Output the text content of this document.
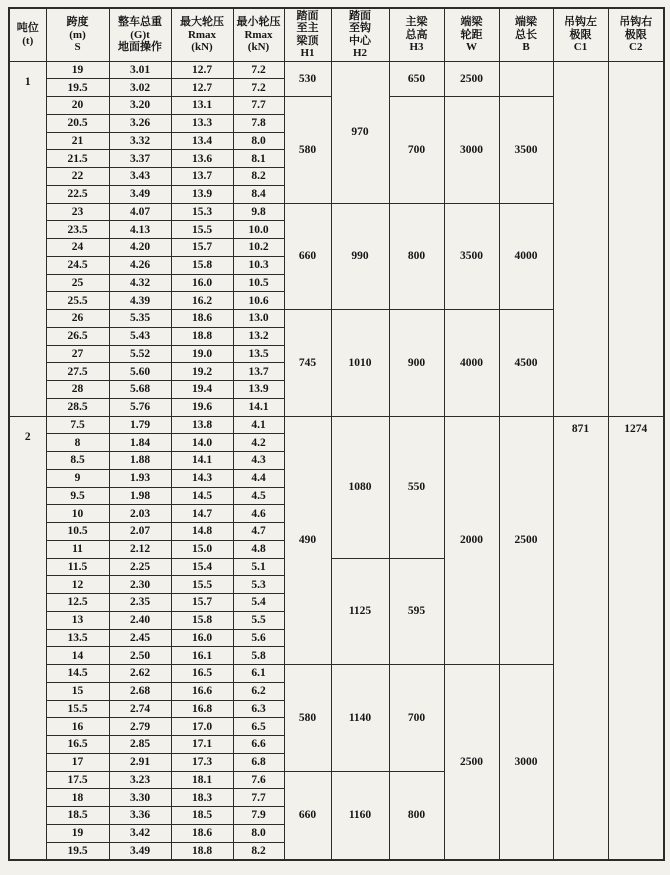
吨位
(t)

跨度
(m)
S

整车总重
(G)t
地面操作

最大轮压
Rmax
(kN)

最小轮压
Rmax
(kN)

踏面
至主
梁顶
H1

踏面
至钩
中心
H2

主梁
总高
H3

端梁
轮距
W

端梁
总长
B

吊钩左
极限
C1

吊钩右
极限
C2

1	19	3.01	12.7	7.2	530	970	650	2500			
	19.5	3.02	12.7	7.2							
	20	3.20	13.1	7.7	580		700	3000	3500		
	20.5	3.26	13.3	7.8							
	21	3.32	13.4	8.0							
	21.5	3.37	13.6	8.1							
	22	3.43	13.7	8.2							
	22.5	3.49	13.9	8.4							
	23	4.07	15.3	9.8	660	990	800	3500	4000		
	23.5	4.13	15.5	10.0							
	24	4.20	15.7	10.2							
	24.5	4.26	15.8	10.3							
	25	4.32	16.0	10.5							
	25.5	4.39	16.2	10.6							
	26	5.35	18.6	13.0	745	1010	900	4000	4500		
	26.5	5.43	18.8	13.2							
	27	5.52	19.0	13.5							
	27.5	5.60	19.2	13.7							
	28	5.68	19.4	13.9							
	28.5	5.76	19.6	14.1							
2	7.5	1.79	13.8	4.1	490	1080	550	2000	2500	871	1274
	8	1.84	14.0	4.2							
	8.5	1.88	14.1	4.3							
	9	1.93	14.3	4.4							
	9.5	1.98	14.5	4.5							
	10	2.03	14.7	4.6							
	10.5	2.07	14.8	4.7							
	11	2.12	15.0	4.8							
	11.5	2.25	15.4	5.1		1125	595				
	12	2.30	15.5	5.3							
	12.5	2.35	15.7	5.4							
	13	2.40	15.8	5.5							
	13.5	2.45	16.0	5.6							
	14	2.50	16.1	5.8							
	14.5	2.62	16.5	6.1	580	1140	700	2500	3000		
	15	2.68	16.6	6.2							
	15.5	2.74	16.8	6.3							
	16	2.79	17.0	6.5							
	16.5	2.85	17.1	6.6							
	17	2.91	17.3	6.8							
	17.5	3.23	18.1	7.6	660	1160	800				
	18	3.30	18.3	7.7							
	18.5	3.36	18.5	7.9							
	19	3.42	18.6	8.0							
	19.5	3.49	18.8	8.2							
